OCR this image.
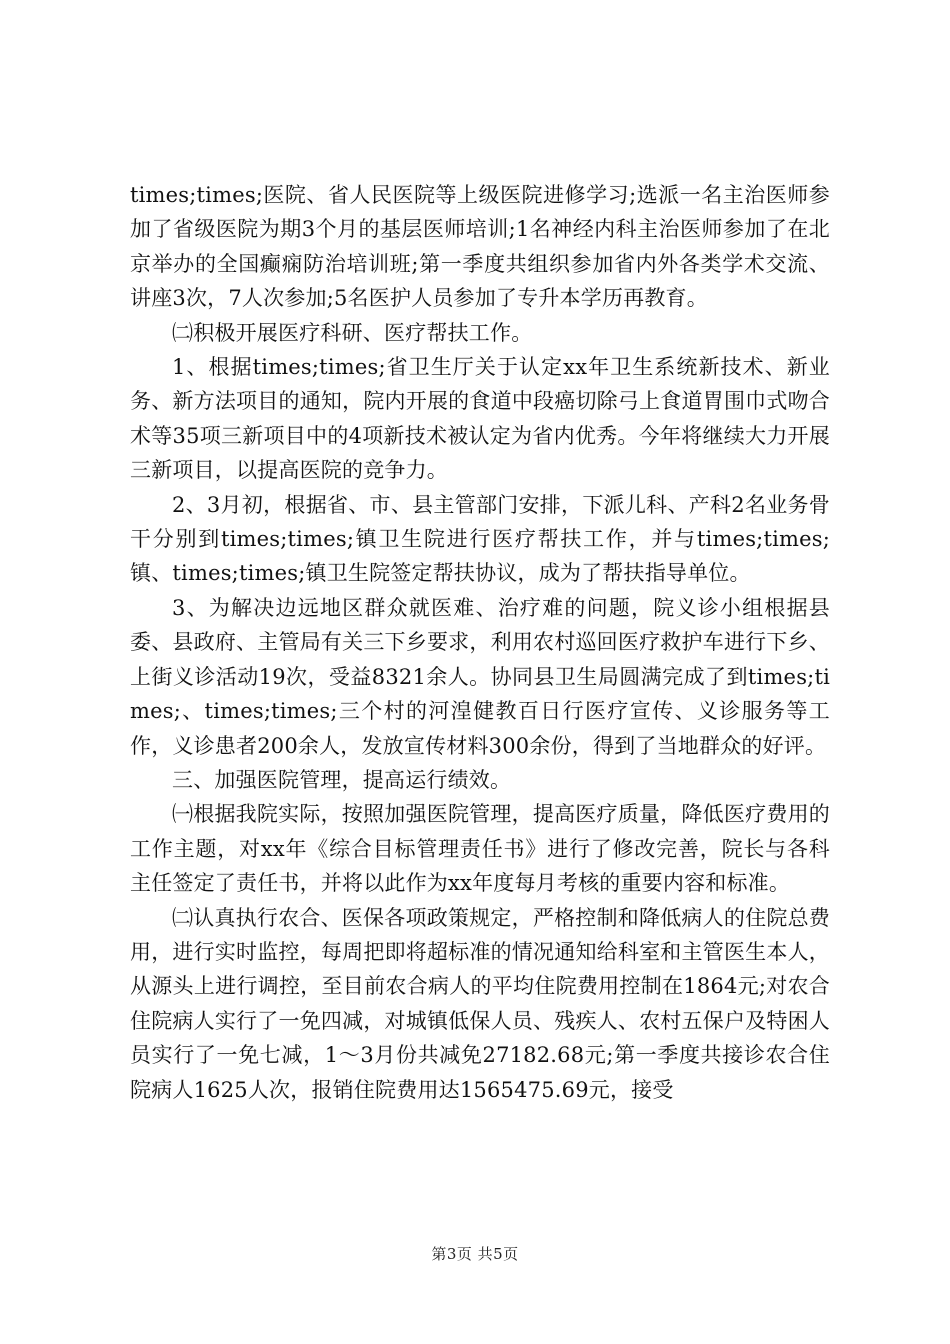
times;times;医院、省人民医院等上级医院进修学习;选派一名主治医师参加了省级医院为期3个月的基层医师培训;1名神经内科主治医师参加了在北京举办的全国癫痫防治培训班;第一季度共组织参加省内外各类学术交流、讲座3次，7人次参加;5名医护人员参加了专升本学历再教育。

㈡积极开展医疗科研、医疗帮扶工作。

1、根据times;times;省卫生厅关于认定xx年卫生系统新技术、新业务、新方法项目的通知，院内开展的食道中段癌切除弓上食道胃围巾式吻合术等35项三新项目中的4项新技术被认定为省内优秀。今年将继续大力开展三新项目，以提高医院的竞争力。

2、3月初，根据省、市、县主管部门安排，下派儿科、产科2名业务骨干分别到times;times;镇卫生院进行医疗帮扶工作，并与times;times;镇、times;times;镇卫生院签定帮扶协议，成为了帮扶指导单位。

3、为解决边远地区群众就医难、治疗难的问题，院义诊小组根据县委、县政府、主管局有关三下乡要求，利用农村巡回医疗救护车进行下乡、上街义诊活动19次，受益8321余人。协同县卫生局圆满完成了到times;times;、times;times;三个村的河湟健教百日行医疗宣传、义诊服务等工作，义诊患者200余人，发放宣传材料300余份，得到了当地群众的好评。

三、加强医院管理，提高运行绩效。

㈠根据我院实际，按照加强医院管理，提高医疗质量，降低医疗费用的工作主题，对xx年《综合目标管理责任书》进行了修改完善，院长与各科主任签定了责任书，并将以此作为xx年度每月考核的重要内容和标准。

㈡认真执行农合、医保各项政策规定，严格控制和降低病人的住院总费用，进行实时监控，每周把即将超标准的情况通知给科室和主管医生本人，从源头上进行调控，至目前农合病人的平均住院费用控制在1864元;对农合住院病人实行了一免四减，对城镇低保人员、残疾人、农村五保户及特困人员实行了一免七减，1～3月份共减免27182.68元;第一季度共接诊农合住院病人1625人次，报销住院费用达1565475.69元，接受

第3页 共5页
